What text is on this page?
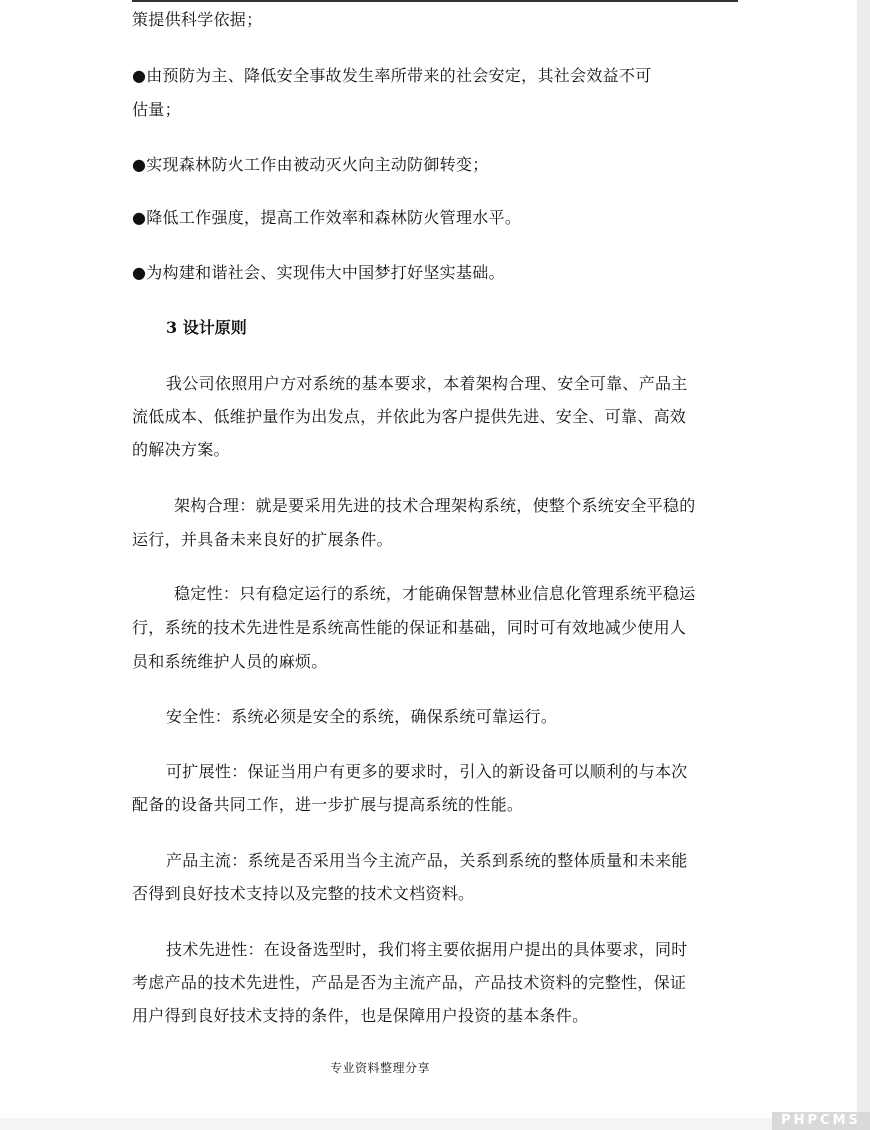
策提供科学依据；
●由预防为主、降低安全事故发生率所带来的社会安定，其社会效益不可
估量；
●实现森林防火工作由被动灭火向主动防御转变；
●降低工作强度，提高工作效率和森林防火管理水平。
●为构建和谐社会、实现伟大中国梦打好坚实基础。
3 设计原则
我公司依照用户方对系统的基本要求，本着架构合理、安全可靠、产品主
流低成本、低维护量作为出发点，并依此为客户提供先进、安全、可靠、高效
的解决方案。
架构合理：就是要采用先进的技术合理架构系统，使整个系统安全平稳的
运行，并具备未来良好的扩展条件。
稳定性：只有稳定运行的系统，才能确保智慧林业信息化管理系统平稳运
行，系统的技术先进性是系统高性能的保证和基础，同时可有效地减少使用人
员和系统维护人员的麻烦。
安全性：系统必须是安全的系统，确保系统可靠运行。
可扩展性：保证当用户有更多的要求时，引入的新设备可以顺利的与本次
配备的设备共同工作，进一步扩展与提高系统的性能。
产品主流：系统是否采用当今主流产品，关系到系统的整体质量和未来能
否得到良好技术支持以及完整的技术文档资料。
技术先进性：在设备选型时，我们将主要依据用户提出的具体要求，同时
考虑产品的技术先进性，产品是否为主流产品，产品技术资料的完整性，保证
用户得到良好技术支持的条件，也是保障用户投资的基本条件。
专业资料整理分享
PHPCMS
